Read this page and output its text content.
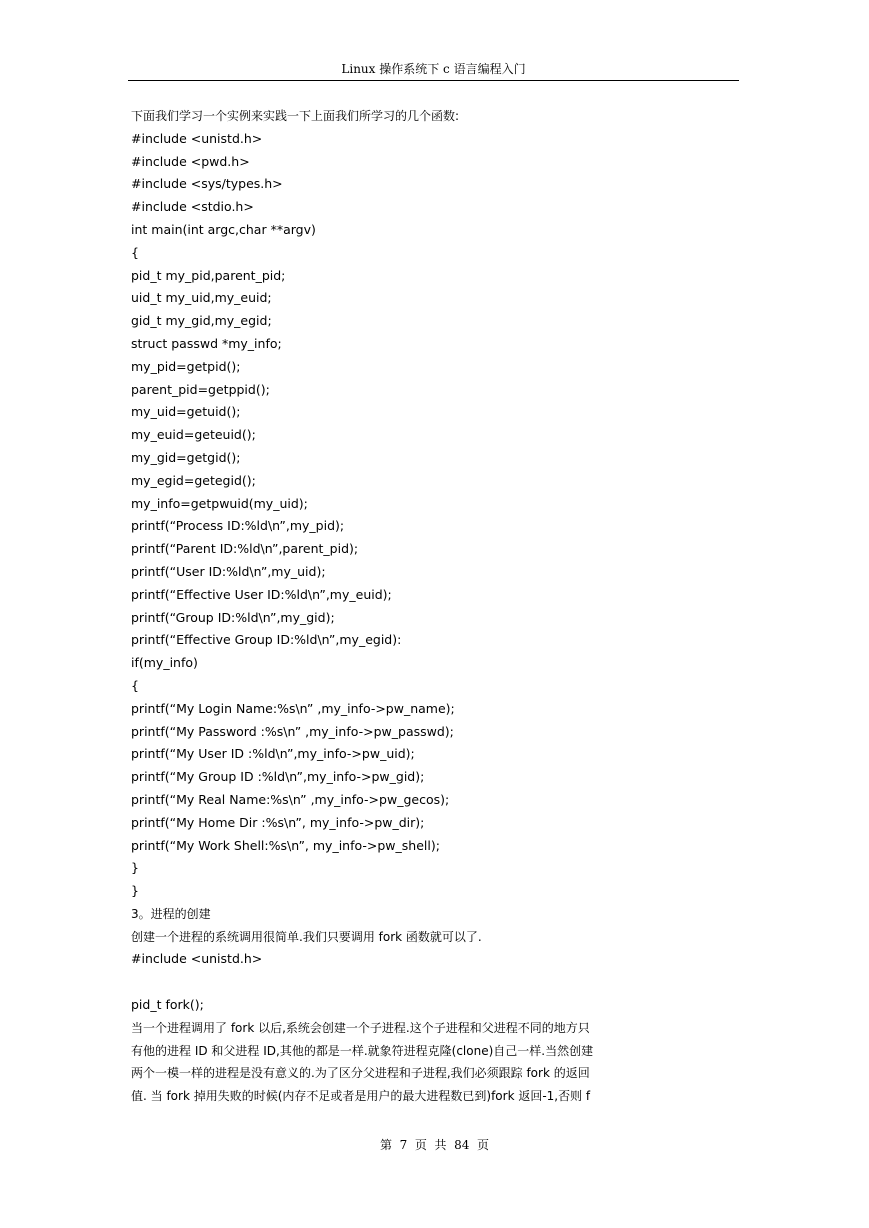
Linux 操作系统下 c 语言编程入门
下面我们学习一个实例来实践一下上面我们所学习的几个函数:
#include <unistd.h>
#include <pwd.h>
#include <sys/types.h>
#include <stdio.h>
int main(int argc,char **argv)
{
pid_t my_pid,parent_pid;
uid_t my_uid,my_euid;
gid_t my_gid,my_egid;
struct passwd *my_info;
my_pid=getpid();
parent_pid=getppid();
my_uid=getuid();
my_euid=geteuid();
my_gid=getgid();
my_egid=getegid();
my_info=getpwuid(my_uid);
printf(“Process ID:%ld\n”,my_pid);
printf(“Parent ID:%ld\n”,parent_pid);
printf(“User ID:%ld\n”,my_uid);
printf(“Effective User ID:%ld\n”,my_euid);
printf(“Group ID:%ld\n”,my_gid);
printf(“Effective Group ID:%ld\n”,my_egid):
if(my_info)
{
printf(“My Login Name:%s\n” ,my_info->pw_name);
printf(“My Password :%s\n” ,my_info->pw_passwd);
printf(“My User ID :%ld\n”,my_info->pw_uid);
printf(“My Group ID :%ld\n”,my_info->pw_gid);
printf(“My Real Name:%s\n” ,my_info->pw_gecos);
printf(“My Home Dir :%s\n”, my_info->pw_dir);
printf(“My Work Shell:%s\n”, my_info->pw_shell);
}
}
3。进程的创建
创建一个进程的系统调用很简单.我们只要调用 fork 函数就可以了.
#include <unistd.h>
pid_t fork();
当一个进程调用了 fork 以后,系统会创建一个子进程.这个子进程和父进程不同的地方只
有他的进程 ID 和父进程 ID,其他的都是一样.就象符进程克隆(clone)自己一样.当然创建
两个一模一样的进程是没有意义的.为了区分父进程和子进程,我们必须跟踪 fork 的返回
值. 当 fork 掉用失败的时候(内存不足或者是用户的最大进程数已到)fork 返回-1,否则 f
第  7  页  共  84  页
